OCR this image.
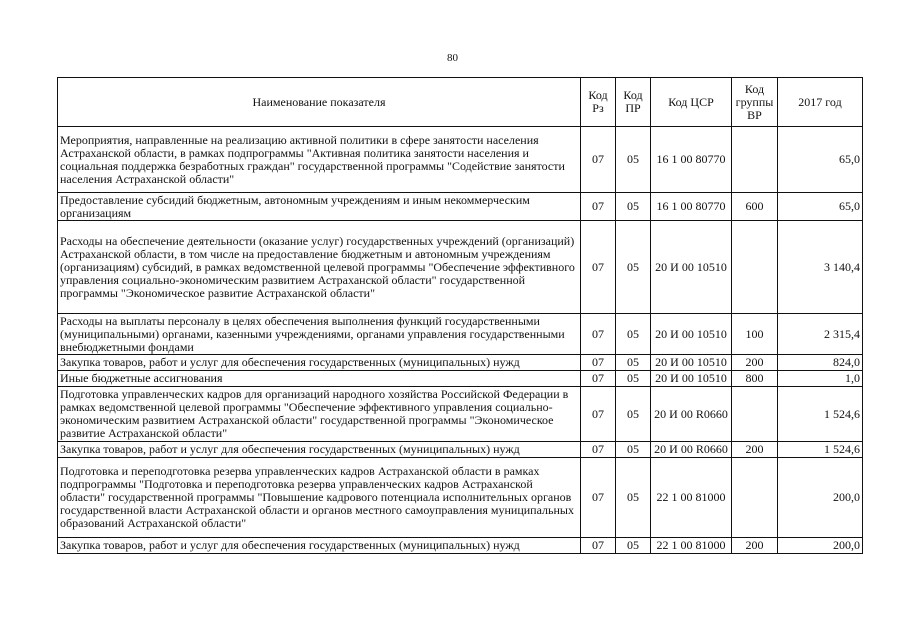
80
Наименование показателя	Код Рз	Код ПР	Код ЦСР	Код группы ВР	2017 год
Мероприятия, направленные на реализацию активной политики в сфере занятости населения Астраханской области, в рамках подпрограммы "Активная политика занятости населения и социальная поддержка безработных граждан" государственной программы "Содействие занятости населения Астраханской области"	07	05	16 1 00 80770		65,0
Предоставление субсидий бюджетным, автономным учреждениям и иным некоммерческим организациям	07	05	16 1 00 80770	600	65,0
Расходы на обеспечение деятельности (оказание услуг) государственных учреждений (организаций) Астраханской области, в том числе на предоставление бюджетным и автономным учреждениям (организациям) субсидий, в рамках ведомственной целевой программы "Обеспечение эффективного управления социально-экономическим развитием Астраханской области" государственной программы "Экономическое развитие Астраханской области"	07	05	20 И 00 10510		3 140,4
Расходы на выплаты персоналу в целях обеспечения выполнения функций государственными (муниципальными) органами, казенными учреждениями, органами управления государственными внебюджетными фондами	07	05	20 И 00 10510	100	2 315,4
Закупка товаров, работ и услуг для обеспечения государственных (муниципальных) нужд	07	05	20 И 00 10510	200	824,0
Иные бюджетные ассигнования	07	05	20 И 00 10510	800	1,0
Подготовка управленческих кадров для организаций народного хозяйства Российской Федерации в рамках ведомственной целевой программы "Обеспечение эффективного управления социально-экономическим развитием Астраханской области" государственной программы "Экономическое развитие Астраханской области"	07	05	20 И 00 R0660		1 524,6
Закупка товаров, работ и услуг для обеспечения государственных (муниципальных) нужд	07	05	20 И 00 R0660	200	1 524,6
Подготовка и переподготовка резерва управленческих кадров Астраханской области в рамках подпрограммы "Подготовка и переподготовка резерва управленческих кадров Астраханской области" государственной программы "Повышение кадрового потенциала исполнительных органов государственной власти Астраханской области и органов местного самоуправления муниципальных образований Астраханской области"	07	05	22 1 00 81000		200,0
Закупка товаров, работ и услуг для обеспечения государственных (муниципальных) нужд	07	05	22 1 00 81000	200	200,0
